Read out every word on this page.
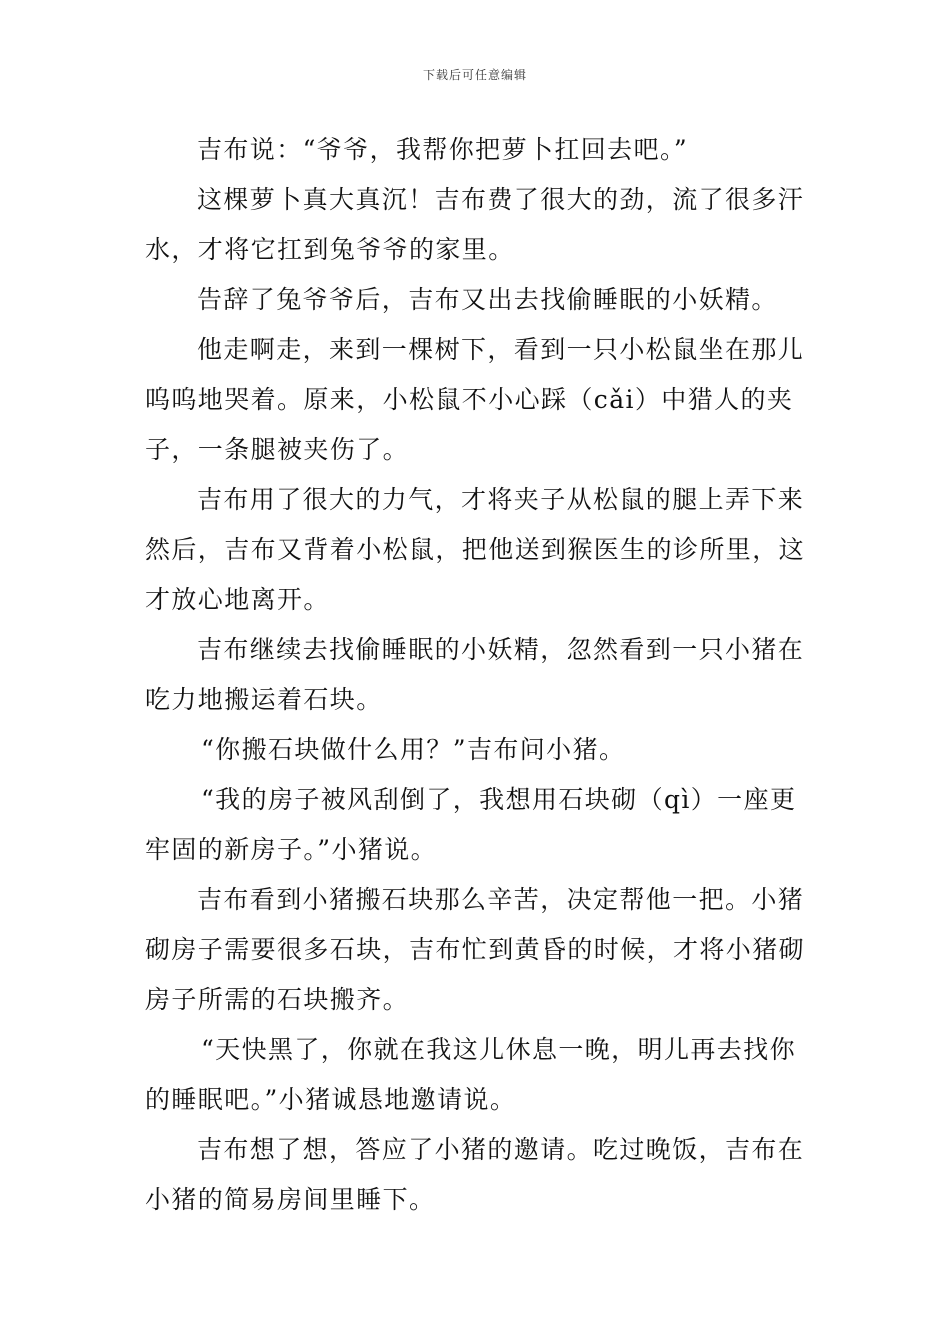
下载后可任意编辑

吉布说：“爷爷，我帮你把萝卜扛回去吧。”

这棵萝卜真大真沉！吉布费了很大的劲，流了很多汗水，才将它扛到兔爷爷的家里。

告辞了兔爷爷后，吉布又出去找偷睡眠的小妖精。

他走啊走，来到一棵树下，看到一只小松鼠坐在那儿呜呜地哭着。原来，小松鼠不小心踩（cǎi）中猎人的夹子，一条腿被夹伤了。

吉布用了很大的力气，才将夹子从松鼠的腿上弄下来然后，吉布又背着小松鼠，把他送到猴医生的诊所里，这才放心地离开。

吉布继续去找偷睡眠的小妖精，忽然看到一只小猪在吃力地搬运着石块。

“你搬石块做什么用？”吉布问小猪。

“我的房子被风刮倒了，我想用石块砌（qì）一座更牢固的新房子。”小猪说。

吉布看到小猪搬石块那么辛苦，决定帮他一把。小猪砌房子需要很多石块，吉布忙到黄昏的时候，才将小猪砌房子所需的石块搬齐。

“天快黑了，你就在我这儿休息一晚，明儿再去找你的睡眠吧。”小猪诚恳地邀请说。

吉布想了想，答应了小猪的邀请。吃过晚饭，吉布在小猪的简易房间里睡下。
